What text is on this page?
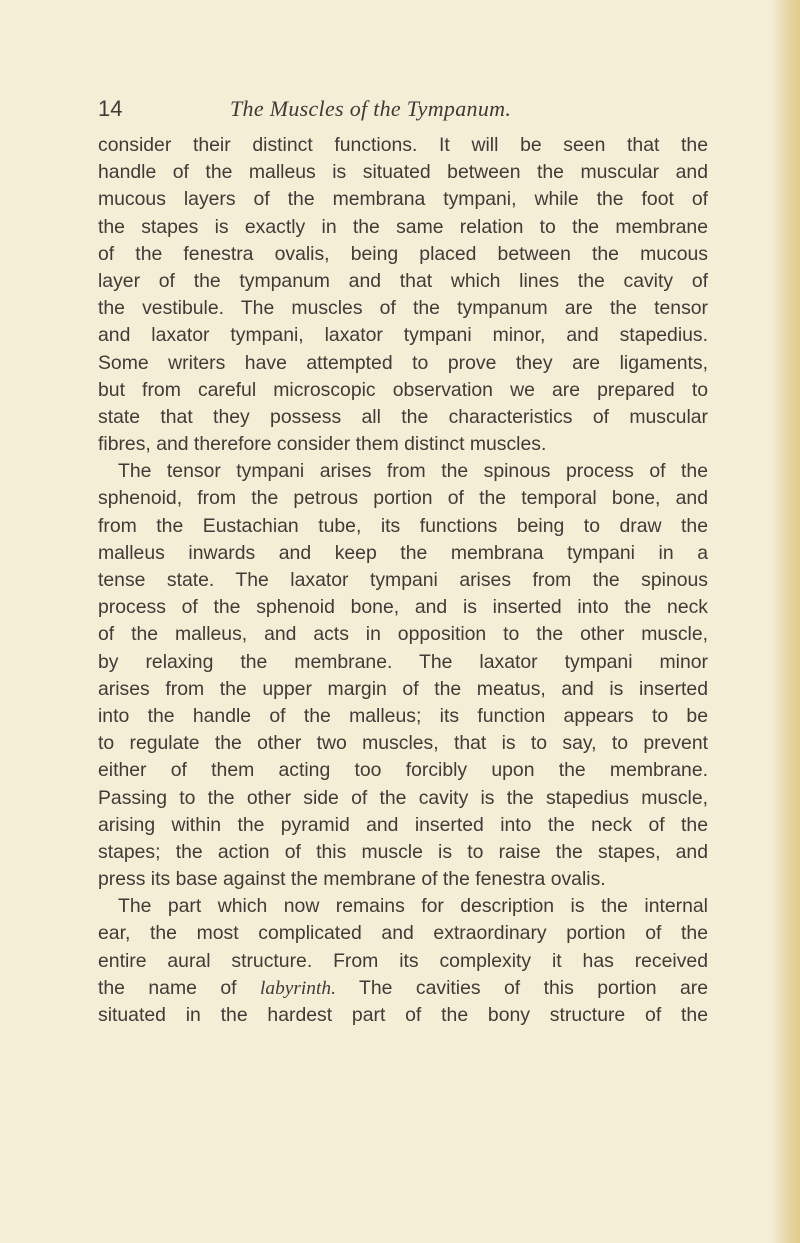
14	The Muscles of the Tympanum.
consider their distinct functions. It will be seen that the
handle of the malleus is situated between the muscular and
mucous layers of the membrana tympani, while the foot of
the stapes is exactly in the same relation to the membrane
of the fenestra ovalis, being placed between the mucous
layer of the tympanum and that which lines the cavity of
the vestibule. The muscles of the tympanum are the tensor
and laxator tympani, laxator tympani minor, and stapedius.
Some writers have attempted to prove they are ligaments,
but from careful microscopic observation we are prepared to
state that they possess all the characteristics of muscular
fibres, and therefore consider them distinct muscles.
The tensor tympani arises from the spinous process of the
sphenoid, from the petrous portion of the temporal bone, and
from the Eustachian tube, its functions being to draw the
malleus inwards and keep the membrana tympani in a
tense state. The laxator tympani arises from the spinous
process of the sphenoid bone, and is inserted into the neck
of the malleus, and acts in opposition to the other muscle,
by relaxing the membrane. The laxator tympani minor
arises from the upper margin of the meatus, and is inserted
into the handle of the malleus; its function appears to be
to regulate the other two muscles, that is to say, to prevent
either of them acting too forcibly upon the membrane.
Passing to the other side of the cavity is the stapedius muscle,
arising within the pyramid and inserted into the neck of the
stapes; the action of this muscle is to raise the stapes, and
press its base against the membrane of the fenestra ovalis.
The part which now remains for description is the internal
ear, the most complicated and extraordinary portion of the
entire aural structure. From its complexity it has received
the name of labyrinth. The cavities of this portion are
situated in the hardest part of the bony structure of the
